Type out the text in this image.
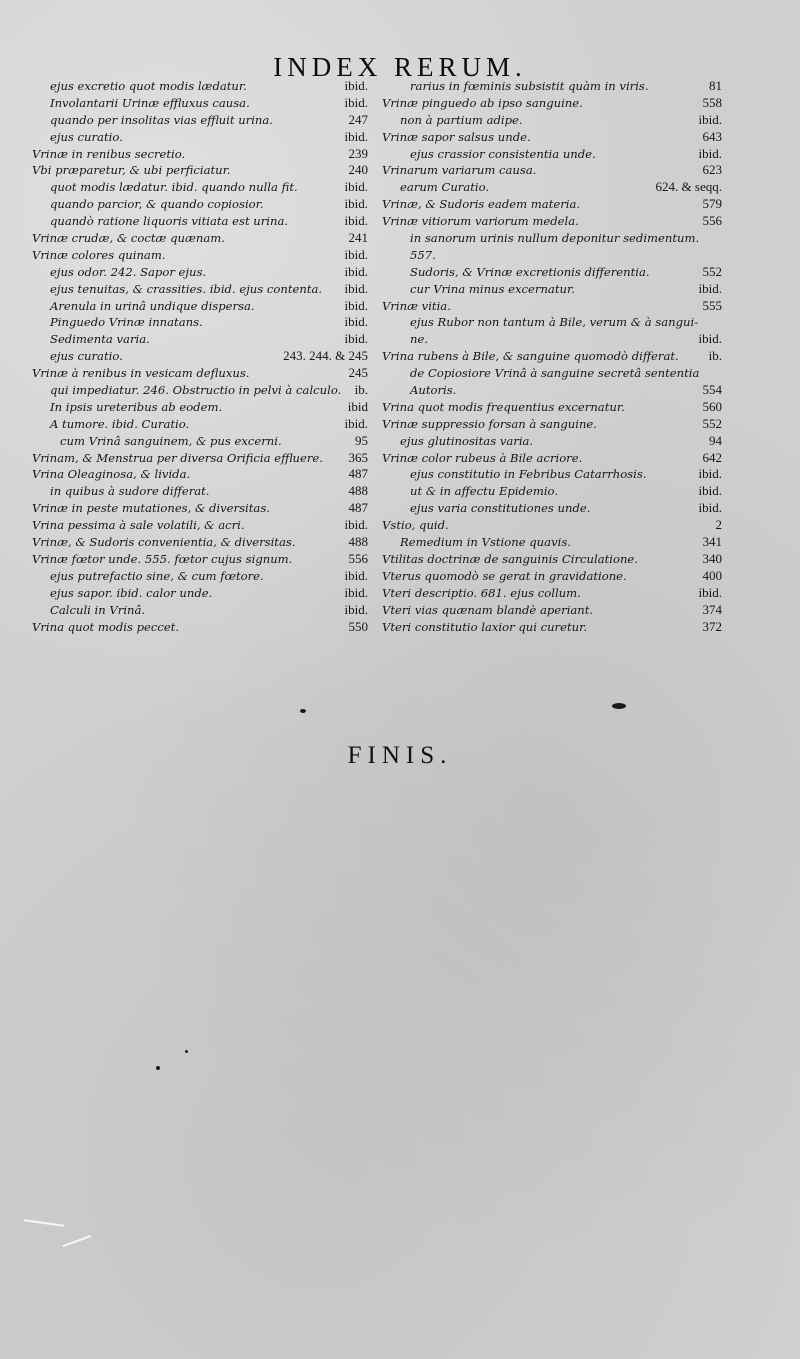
INDEX RERUM.
ejus excretio quot modis lædatur.	ibid.
Involantarii Urinæ effluxus causa.	ibid.
quando per insolitas vias effluit urina.	247
ejus curatio.	ibid.
Vrinæ in renibus secretio.	239
Vbi præparetur, & ubi perficiatur.	240
quot modis lædatur. ibid. quando nulla fit.	ibid.
quando parcior, & quando copiosior.	ibid.
quandò ratione liquoris vitiata est urina.	ibid.
Vrinæ crudæ, & coctæ quænam.	241
Vrinæ colores quinam.	ibid.
ejus odor. 242. Sapor ejus.	ibid.
ejus tenuitas, & crassities. ibid. ejus contenta.	ibid.
Arenula in urinâ undique dispersa.	ibid.
Pinguedo Vrinæ innatans.	ibid.
Sedimenta varia.	ibid.
ejus curatio.	243. 244. & 245
Vrinæ à renibus in vesicam defluxus.	245
qui impediatur. 246. Obstructio in pelvi à calculo.	ib.
In ipsis ureteribus ab eodem.	ibid
A tumore. ibid. Curatio.	ibid.
cum Vrinâ sanguinem, & pus excerni.	95
Vrinam, & Menstrua per diversa Orificia effluere.	365
Vrina Oleaginosa, & livida.	487
in quibus à sudore differat.	488
Vrinæ in peste mutationes, & diversitas.	487
Vrina pessima à sale volatili, & acri.	ibid.
Vrinæ, & Sudoris convenientia, & diversitas.	488
Vrinæ fœtor unde. 555. fœtor cujus signum.	556
ejus putrefactio sine, & cum fœtore.	ibid.
ejus sapor. ibid. calor unde.	ibid.
Calculi in Vrinâ.	ibid.
Vrina quot modis peccet.	550
rarius in fœminis subsistit quàm in viris.	81
Vrinæ pinguedo ab ipso sanguine.	558
non à partium adipe.	ibid.
Vrinæ sapor salsus unde.	643
ejus crassior consistentia unde.	ibid.
Vrinarum variarum causa.	623
earum Curatio.	624. & seqq.
Vrinæ, & Sudoris eadem materia.	579
Vrinæ vitiorum variorum medela.	556
in sanorum urinis nullum deponitur sedimentum.
557.
Sudoris, & Vrinæ excretionis differentia.	552
cur Vrina minus excernatur.	ibid.
Vrinæ vitia.	555
ejus Rubor non tantum à Bile, verum & à sangui-
ne.	ibid.
Vrina rubens à Bile, & sanguine quomodò differat.	ib.
de Copiosiore Vrinâ à sanguine secretâ sententia
Autoris.	554
Vrina quot modis frequentius excernatur.	560
Vrinæ suppressio forsan à sanguine.	552
ejus glutinositas varia.	94
Vrinæ color rubeus à Bile acriore.	642
ejus constitutio in Febribus Catarrhosis.	ibid.
ut & in affectu Epidemio.	ibid.
ejus varia constitutiones unde.	ibid.
Vstio, quid.	2
Remedium in Vstione quavis.	341
Vtilitas doctrinæ de sanguinis Circulatione.	340
Vterus quomodò se gerat in gravidatione.	400
Vteri descriptio. 681. ejus collum.	ibid.
Vteri vias quænam blandè aperiant.	374
Vteri constitutio laxior qui curetur.	372
FINIS.
